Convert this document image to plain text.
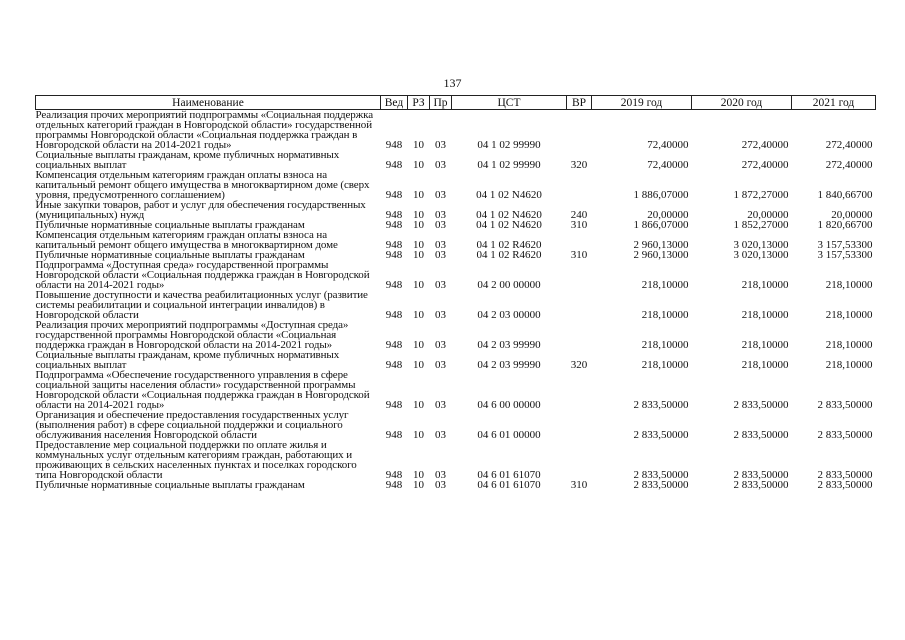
137
Наименование	Вед	РЗ	Пр	ЦСТ	ВР	2019 год	2020 год	2021 год
Реализация прочих мероприятий подпрограммы «Социальная поддержка отдельных категорий граждан в Новгородской области» государственной программы Новгородской области «Социальная поддержка граждан в Новгородской области на 2014-2021 годы»	948	10	03	04 1 02 99990		72,40000	272,40000	272,40000
Социальные выплаты гражданам, кроме публичных нормативных социальных выплат	948	10	03	04 1 02 99990	320	72,40000	272,40000	272,40000
Компенсация отдельным категориям граждан оплаты взноса на капитальный ремонт общего имущества в многоквартирном доме (сверх уровня, предусмотренного соглашением)	948	10	03	04 1 02 N4620		1 886,07000	1 872,27000	1 840,66700
Иные закупки товаров, работ и услуг для обеспечения государственных (муниципальных) нужд	948	10	03	04 1 02 N4620	240	20,00000	20,00000	20,00000
Публичные нормативные социальные выплаты гражданам	948	10	03	04 1 02 N4620	310	1 866,07000	1 852,27000	1 820,66700
Компенсация отдельным категориям граждан оплаты взноса на капитальный ремонт общего имущества в многоквартирном доме	948	10	03	04 1 02 R4620		2 960,13000	3 020,13000	3 157,53300
Публичные нормативные социальные выплаты гражданам	948	10	03	04 1 02 R4620	310	2 960,13000	3 020,13000	3 157,53300
Подпрограмма «Доступная среда» государственной программы Новгородской области «Социальная поддержка граждан в Новгородской области на 2014-2021 годы»	948	10	03	04 2 00 00000		218,10000	218,10000	218,10000
Повышение доступности и качества реабилитационных услуг (развитие системы реабилитации и социальной интеграции инвалидов) в Новгородской области	948	10	03	04 2 03 00000		218,10000	218,10000	218,10000
Реализация прочих мероприятий подпрограммы «Доступная среда» государственной программы Новгородской области «Социальная поддержка граждан в Новгородской области на 2014-2021 годы»	948	10	03	04 2 03 99990		218,10000	218,10000	218,10000
Социальные выплаты гражданам, кроме публичных нормативных социальных выплат	948	10	03	04 2 03 99990	320	218,10000	218,10000	218,10000
Подпрограмма «Обеспечение государственного управления в сфере социальной защиты населения области» государственной программы Новгородской области «Социальная поддержка граждан в Новгородской области на 2014-2021 годы»	948	10	03	04 6 00 00000		2 833,50000	2 833,50000	2 833,50000
Организация и обеспечение предоставления государственных услуг (выполнения работ) в сфере социальной поддержки и социального обслуживания населения Новгородской области	948	10	03	04 6 01 00000		2 833,50000	2 833,50000	2 833,50000
Предоставление мер социальной поддержки по оплате жилья и коммунальных услуг отдельным категориям граждан, работающих и проживающих в сельских населенных пунктах и поселках городского типа Новгородской области	948	10	03	04 6 01 61070		2 833,50000	2 833,50000	2 833,50000
Публичные нормативные социальные выплаты гражданам	948	10	03	04 6 01 61070	310	2 833,50000	2 833,50000	2 833,50000
